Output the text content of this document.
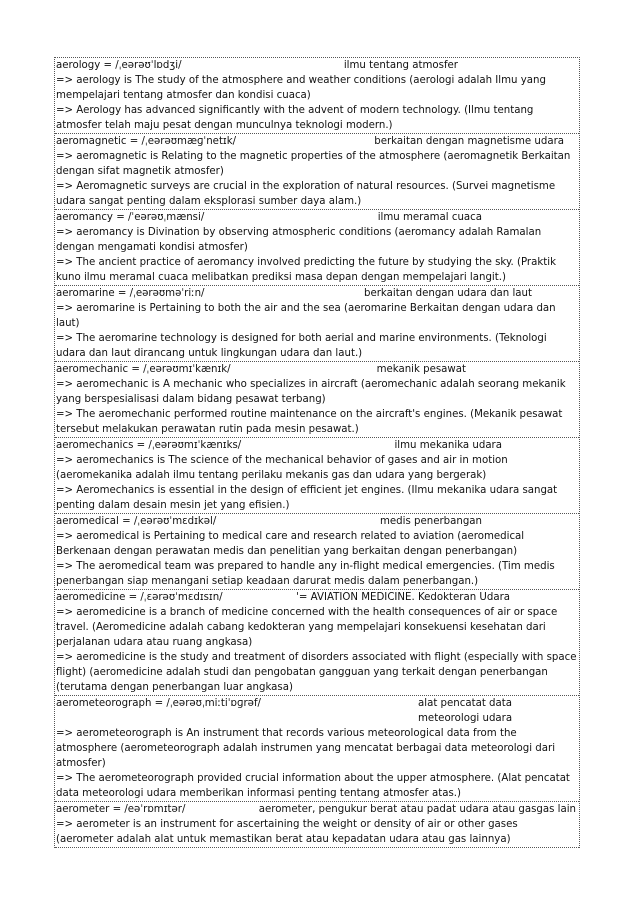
aerology = /ˌeərəʊˈlɒdʒi/	ilmu tentang atmosfer
=> aerology is The study of the atmosphere and weather conditions (aerologi adalah Ilmu yang mempelajari tentang atmosfer dan kondisi cuaca)
=> Aerology has advanced significantly with the advent of modern technology. (Ilmu tentang atmosfer telah maju pesat dengan munculnya teknologi modern.)
aeromagnetic = /ˌeərəʊmæɡˈnetɪk/	berkaitan dengan magnetisme udara
=> aeromagnetic is Relating to the magnetic properties of the atmosphere (aeromagnetik Berkaitan dengan sifat magnetik atmosfer)
=> Aeromagnetic surveys are crucial in the exploration of natural resources. (Survei magnetisme udara sangat penting dalam eksplorasi sumber daya alam.)
aeromancy = /ˈeərəʊˌmænsi/	ilmu meramal cuaca
=> aeromancy is Divination by observing atmospheric conditions (aeromancy adalah Ramalan dengan mengamati kondisi atmosfer)
=> The ancient practice of aeromancy involved predicting the future by studying the sky. (Praktik kuno ilmu meramal cuaca melibatkan prediksi masa depan dengan mempelajari langit.)
aeromarine = /ˌeərəʊməˈriːn/	berkaitan dengan udara dan laut
=> aeromarine is Pertaining to both the air and the sea (aeromarine Berkaitan dengan udara dan laut)
=> The aeromarine technology is designed for both aerial and marine environments. (Teknologi udara dan laut dirancang untuk lingkungan udara dan laut.)
aeromechanic = /ˌeərəʊmɪˈkænɪk/	mekanik pesawat
=> aeromechanic is A mechanic who specializes in aircraft (aeromechanic adalah seorang mekanik yang berspesialisasi dalam bidang pesawat terbang)
=> The aeromechanic performed routine maintenance on the aircraft's engines. (Mekanik pesawat tersebut melakukan perawatan rutin pada mesin pesawat.)
aeromechanics = /ˌeərəʊmɪˈkænɪks/	ilmu mekanika udara
=> aeromechanics is The science of the mechanical behavior of gases and air in motion (aeromekanika adalah ilmu tentang perilaku mekanis gas dan udara yang bergerak)
=> Aeromechanics is essential in the design of efficient jet engines. (Ilmu mekanika udara sangat penting dalam desain mesin jet yang efisien.)
aeromedical = /ˌeərəʊˈmɛdɪkəl/	medis penerbangan
=> aeromedical is Pertaining to medical care and research related to aviation (aeromedical Berkenaan dengan perawatan medis dan penelitian yang berkaitan dengan penerbangan)
=> The aeromedical team was prepared to handle any in-flight medical emergencies. (Tim medis penerbangan siap menangani setiap keadaan darurat medis dalam penerbangan.)
aeromedicine = /ˌɛərəʊˈmɛdɪsɪn/	'= AVIATION MEDICINE. Kedokteran Udara
=> aeromedicine is a branch of medicine concerned with the health consequences of air or space travel. (Aeromedicine adalah cabang kedokteran yang mempelajari konsekuensi kesehatan dari perjalanan udara atau ruang angkasa)
=> aeromedicine is the study and treatment of disorders associated with flight (especially with space flight) (aeromedicine adalah studi dan pengobatan gangguan yang terkait dengan penerbangan (terutama dengan penerbangan luar angkasa)
aerometeorograph = /ˌeərəʊˌmiːtiˈɒɡrəf/	alat pencatat data meteorologi udara
=> aerometeorograph is An instrument that records various meteorological data from the atmosphere (aerometeorograph adalah instrumen yang mencatat berbagai data meteorologi dari atmosfer)
=> The aerometeorograph provided crucial information about the upper atmosphere. (Alat pencatat data meteorologi udara memberikan informasi penting tentang atmosfer atas.)
aerometer = /eəˈrɒmɪtər/	aerometer, pengukur berat atau padat udara atau gasgas lain
=> aerometer is an instrument for ascertaining the weight or density of air or other gases (aerometer adalah alat untuk memastikan berat atau kepadatan udara atau gas lainnya)
